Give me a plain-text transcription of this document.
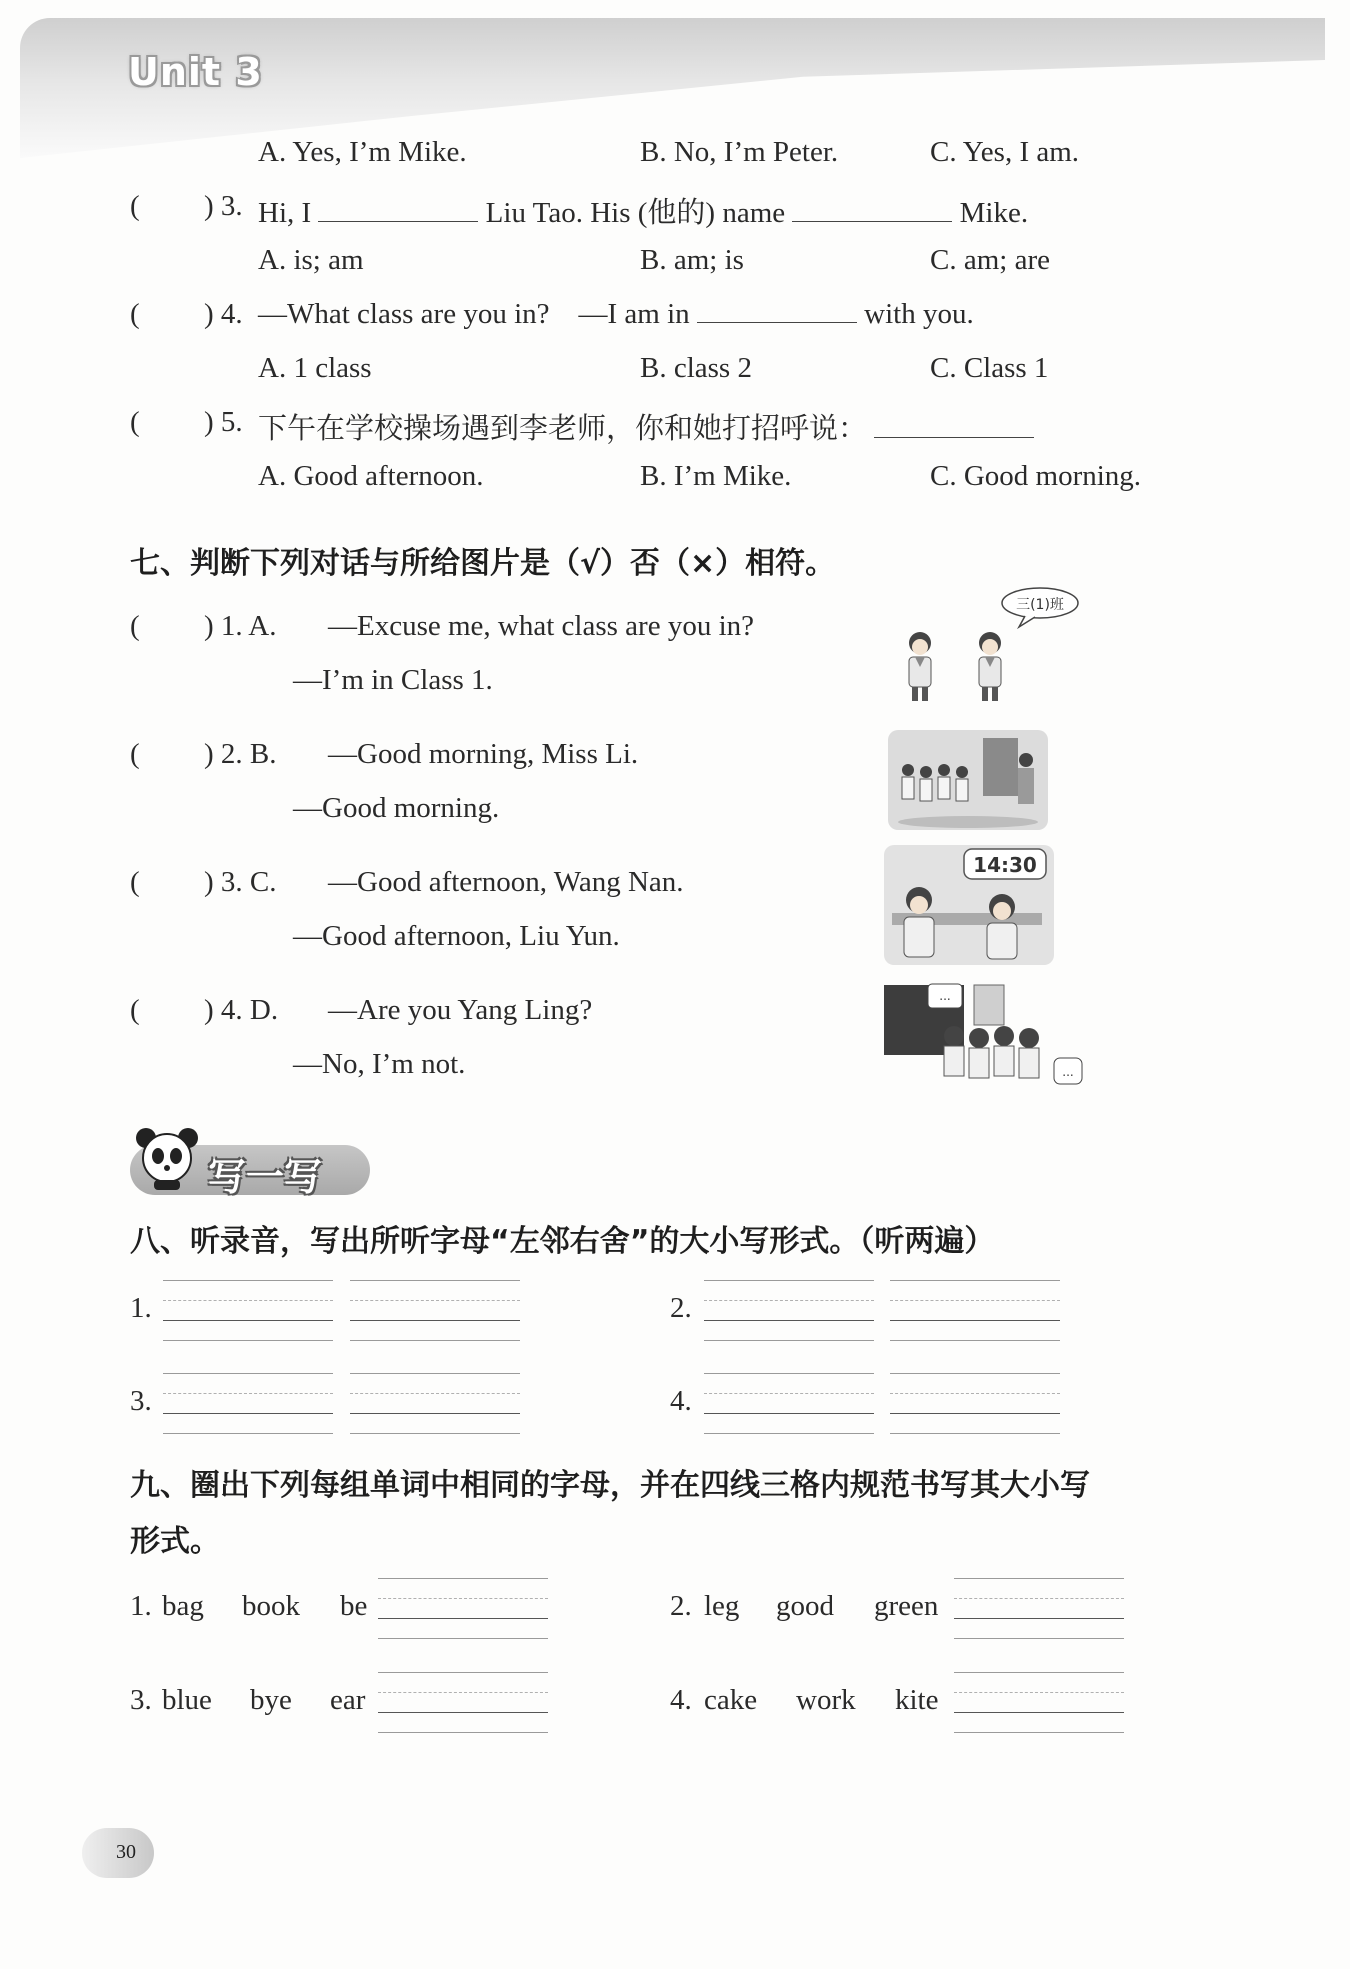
Unit 3
A. Yes, I’m Mike.	B. No, I’m Peter.	C. Yes, I am.
( ) 3. Hi, I	Liu Tao. His (他的) name	Mike.
A. is; am	B. am; is	C. am; are
( ) 4. —What class are you in? —I am in	with you.
A. 1 class	B. class 2	C. Class 1
( ) 5. 下午在学校操场遇到李老师，你和她打招呼说：
A. Good afternoon.	B. I’m Mike.	C. Good morning.
七、判断下列对话与所给图片是（√）否（×）相符。
( ) 1. A. —Excuse me, what class are you in?
—I’m in Class 1.
( ) 2. B. —Good morning, Miss Li.
—Good morning.
( ) 3. C. —Good afternoon, Wang Nan.
—Good afternoon, Liu Yun.
( ) 4. D. —Are you Yang Ling?
—No, I’m not.
三(1)班
14:30
...
...
写一写
八、听录音，写出所听字母“左邻右舍”的大小写形式。（听两遍）
1.	2.
3.	4.
九、圈出下列每组单词中相同的字母，并在四线三格内规范书写其大小写
形式。
1. bag book be	2. leg good green
3. blue bye ear	4. cake work kite
30
